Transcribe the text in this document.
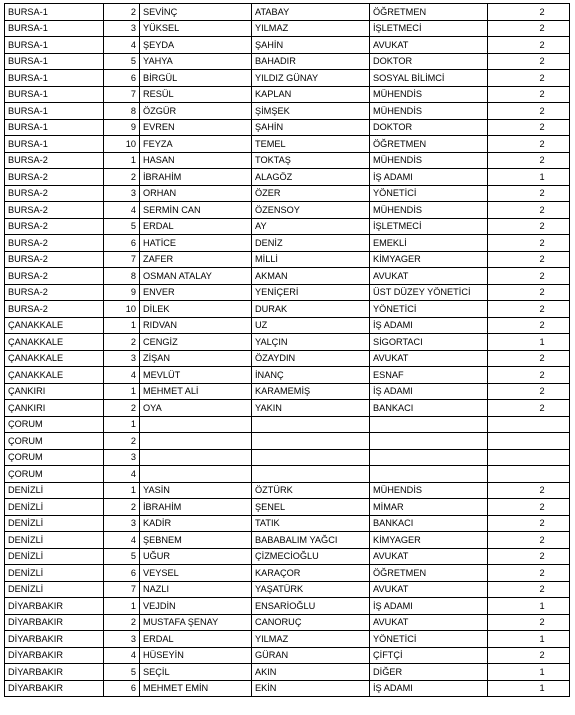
BURSA-1	2	SEVİNÇ	ATABAY	ÖĞRETMEN	2
BURSA-1	3	YÜKSEL	YILMAZ	İŞLETMECİ	2
BURSA-1	4	ŞEYDA	ŞAHİN	AVUKAT	2
BURSA-1	5	YAHYA	BAHADIR	DOKTOR	2
BURSA-1	6	BİRGÜL	YILDIZ GÜNAY	SOSYAL BİLİMCİ	2
BURSA-1	7	RESÜL	KAPLAN	MÜHENDİS	2
BURSA-1	8	ÖZGÜR	ŞİMŞEK	MÜHENDİS	2
BURSA-1	9	EVREN	ŞAHİN	DOKTOR	2
BURSA-1	10	FEYZA	TEMEL	ÖĞRETMEN	2
BURSA-2	1	HASAN	TOKTAŞ	MÜHENDİS	2
BURSA-2	2	İBRAHİM	ALAGÖZ	İŞ ADAMI	1
BURSA-2	3	ORHAN	ÖZER	YÖNETİCİ	2
BURSA-2	4	SERMİN CAN	ÖZENSOY	MÜHENDİS	2
BURSA-2	5	ERDAL	AY	İŞLETMECİ	2
BURSA-2	6	HATİCE	DENİZ	EMEKLİ	2
BURSA-2	7	ZAFER	MİLLİ	KİMYAGER	2
BURSA-2	8	OSMAN ATALAY	AKMAN	AVUKAT	2
BURSA-2	9	ENVER	YENİÇERİ	ÜST DÜZEY YÖNETİCİ	2
BURSA-2	10	DİLEK	DURAK	YÖNETİCİ	2
ÇANAKKALE	1	RIDVAN	UZ	İŞ ADAMI	2
ÇANAKKALE	2	CENGİZ	YALÇIN	SİGORTACI	1
ÇANAKKALE	3	ZİŞAN	ÖZAYDIN	AVUKAT	2
ÇANAKKALE	4	MEVLÜT	İNANÇ	ESNAF	2
ÇANKIRI	1	MEHMET ALİ	KARAMEMİŞ	İŞ ADAMI	2
ÇANKIRI	2	OYA	YAKIN	BANKACI	2
ÇORUM	1				
ÇORUM	2				
ÇORUM	3				
ÇORUM	4				
DENİZLİ	1	YASİN	ÖZTÜRK	MÜHENDİS	2
DENİZLİ	2	İBRAHİM	ŞENEL	MİMAR	2
DENİZLİ	3	KADİR	TATIK	BANKACI	2
DENİZLİ	4	ŞEBNEM	BABABALIM YAĞCI	KİMYAGER	2
DENİZLİ	5	UĞUR	ÇİZMECİOĞLU	AVUKAT	2
DENİZLİ	6	VEYSEL	KARAÇOR	ÖĞRETMEN	2
DENİZLİ	7	NAZLI	YAŞATÜRK	AVUKAT	2
DİYARBAKIR	1	VEJDİN	ENSARİOĞLU	İŞ ADAMI	1
DİYARBAKIR	2	MUSTAFA ŞENAY	CANORUÇ	AVUKAT	2
DİYARBAKIR	3	ERDAL	YILMAZ	YÖNETİCİ	1
DİYARBAKIR	4	HÜSEYİN	GÜRAN	ÇİFTÇİ	2
DİYARBAKIR	5	SEÇİL	AKIN	DİĞER	1
DİYARBAKIR	6	MEHMET EMİN	EKİN	İŞ ADAMI	1
